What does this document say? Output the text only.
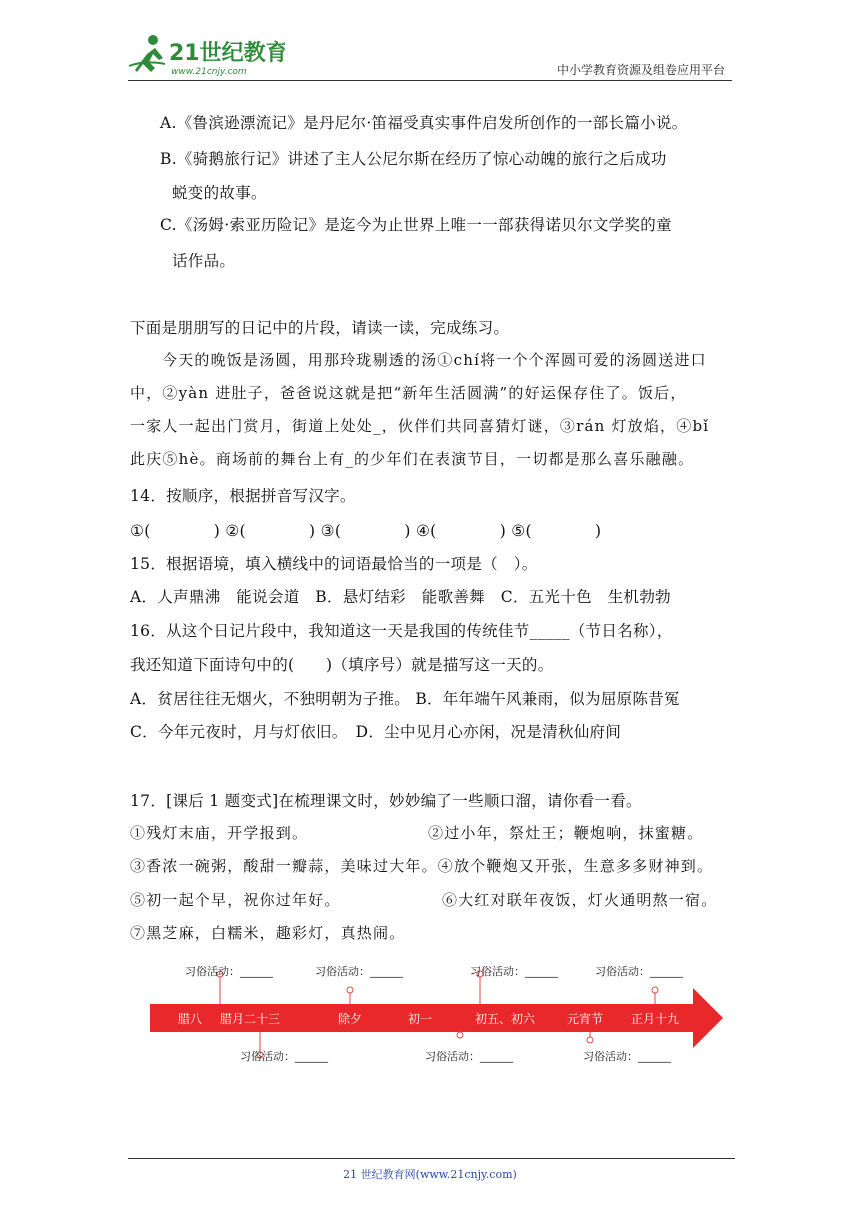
21世纪教育
www.21cnjy.com	中小学教育资源及组卷应用平台
A.《鲁滨逊漂流记》是丹尼尔·笛福受真实事件启发所创作的一部长篇小说。
B.《骑鹅旅行记》讲述了主人公尼尔斯在经历了惊心动魄的旅行之后成功
蜕变的故事。
C.《汤姆·索亚历险记》是迄今为止世界上唯一一部获得诺贝尔文学奖的童
话作品。
下面是朋朋写的日记中的片段，请读一读，完成练习。
今天的晚饭是汤圆，用那玲珑剔透的汤①chí将一个个浑圆可爱的汤圆送进口
中，②yàn 进肚子，爸爸说这就是把“新年生活圆满”的好运保存住了。饭后，
一家人一起出门赏月，街道上处处_，伙伴们共同喜猜灯谜，③rán 灯放焰，④bǐ
此庆⑤hè。商场前的舞台上有_的少年们在表演节目，一切都是那么喜乐融融。
14．按顺序，根据拼音写汉字。
①(　　　　) ②(　　　　) ③(　　　　) ④(　　　　) ⑤(　　　　)
15．根据语境，填入横线中的词语最恰当的一项是（　）。
A．人声鼎沸　能说会道　B．悬灯结彩　能歌善舞　C．五光十色　生机勃勃
16．从这个日记片段中，我知道这一天是我国的传统佳节_____（节日名称），
我还知道下面诗句中的(　　)（填序号）就是描写这一天的。
A．贫居往往无烟火，不独明朝为子推。 B．年年端午风兼雨，似为屈原陈昔冤
C．今年元夜时，月与灯依旧。　D．尘中见月心亦闲，况是清秋仙府间
17．[课后 1 题变式]在梳理课文时，妙妙编了一些顺口溜，请你看一看。
①残灯末庙，开学报到。	②过小年，祭灶王；鞭炮响，抹蜜糖。
③香浓一碗粥，酸甜一瓣蒜，美味过大年。④放个鞭炮又开张，生意多多财神到。
⑤初一起个早，祝你过年好。	⑥大红对联年夜饭，灯火通明熬一宿。
⑦黑芝麻，白糯米，趣彩灯，真热闹。
腊八 腊月二十三	除夕	初一	初五、初六	元宵节 正月十九
习俗活动：______	习俗活动：______	习俗活动：______	习俗活动：______
习俗活动：______	习俗活动：______	习俗活动：______
21 世纪教育网(www.21cnjy.com)
